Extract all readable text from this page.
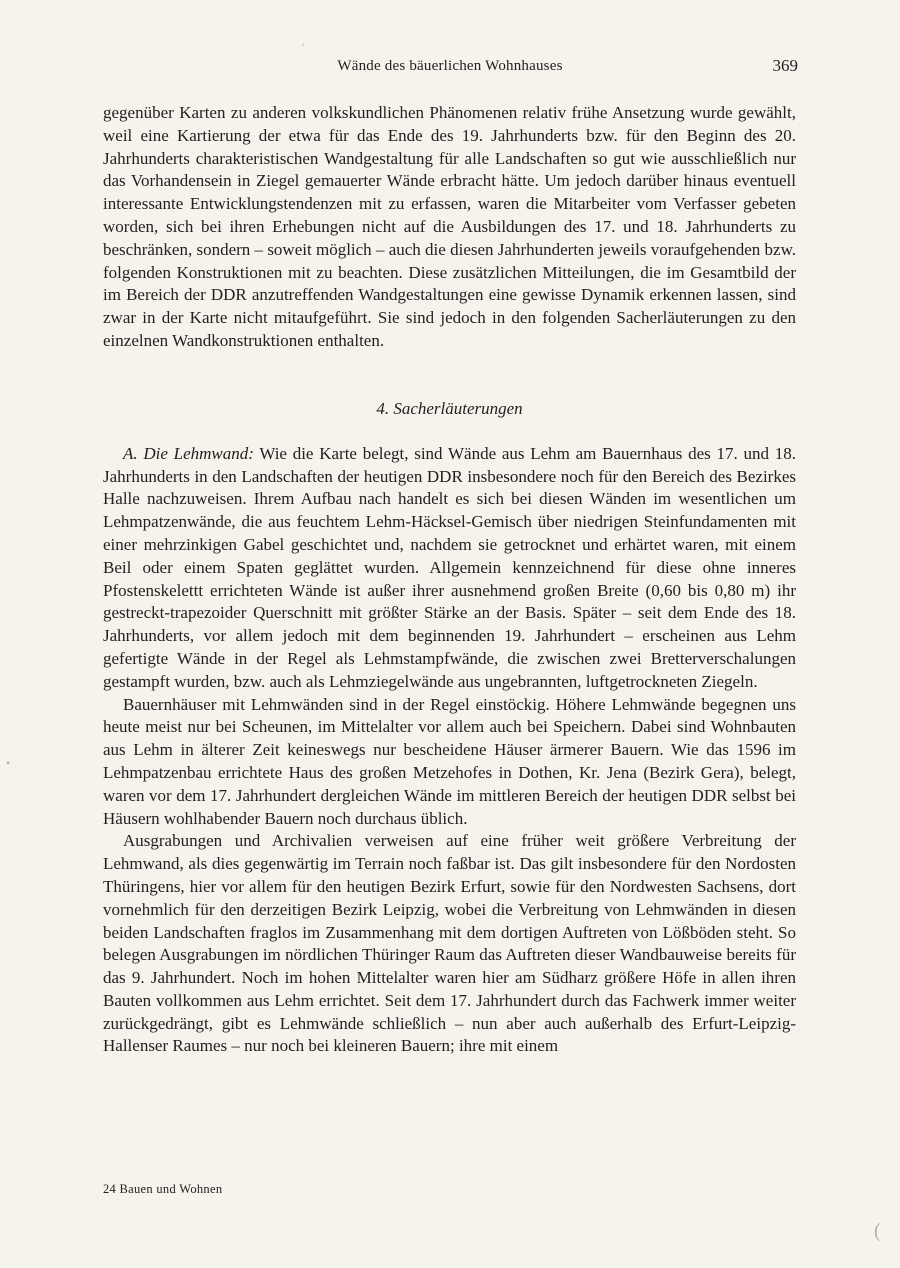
Wände des bäuerlichen Wohnhauses	369

gegenüber Karten zu anderen volkskundlichen Phänomenen relativ frühe Ansetzung wurde gewählt, weil eine Kartierung der etwa für das Ende des 19. Jahrhunderts bzw. für den Beginn des 20. Jahrhunderts charakteristischen Wandgestaltung für alle Landschaften so gut wie ausschließlich nur das Vorhandensein in Ziegel gemauerter Wände erbracht hätte. Um jedoch darüber hinaus eventuell interessante Entwicklungstendenzen mit zu erfassen, waren die Mitarbeiter vom Verfasser gebeten worden, sich bei ihren Erhebungen nicht auf die Ausbildungen des 17. und 18. Jahrhunderts zu beschränken, sondern – soweit möglich – auch die diesen Jahrhunderten jeweils voraufgehenden bzw. folgenden Konstruktionen mit zu beachten. Diese zusätzlichen Mitteilungen, die im Gesamtbild der im Bereich der DDR anzutreffenden Wandgestaltungen eine gewisse Dynamik erkennen lassen, sind zwar in der Karte nicht mitaufgeführt. Sie sind jedoch in den folgenden Sacherläuterungen zu den einzelnen Wandkonstruktionen enthalten.

4. Sacherläuterungen

A. Die Lehmwand: Wie die Karte belegt, sind Wände aus Lehm am Bauernhaus des 17. und 18. Jahrhunderts in den Landschaften der heutigen DDR insbesondere noch für den Bereich des Bezirkes Halle nachzuweisen. Ihrem Aufbau nach handelt es sich bei diesen Wänden im wesentlichen um Lehmpatzenwände, die aus feuchtem Lehm-Häcksel-Gemisch über niedrigen Steinfundamenten mit einer mehrzinkigen Gabel geschichtet und, nachdem sie getrocknet und erhärtet waren, mit einem Beil oder einem Spaten geglättet wurden. Allgemein kennzeichnend für diese ohne inneres Pfostenskelettt errichteten Wände ist außer ihrer ausnehmend großen Breite (0,60 bis 0,80 m) ihr gestreckt-trapezoider Querschnitt mit größter Stärke an der Basis. Später – seit dem Ende des 18. Jahrhunderts, vor allem jedoch mit dem beginnenden 19. Jahrhundert – erscheinen aus Lehm gefertigte Wände in der Regel als Lehmstampfwände, die zwischen zwei Bretterverschalungen gestampft wurden, bzw. auch als Lehmziegelwände aus ungebrannten, luftgetrockneten Ziegeln.

Bauernhäuser mit Lehmwänden sind in der Regel einstöckig. Höhere Lehmwände begegnen uns heute meist nur bei Scheunen, im Mittelalter vor allem auch bei Speichern. Dabei sind Wohnbauten aus Lehm in älterer Zeit keineswegs nur bescheidene Häuser ärmerer Bauern. Wie das 1596 im Lehmpatzenbau errichtete Haus des großen Metzehofes in Dothen, Kr. Jena (Bezirk Gera), belegt, waren vor dem 17. Jahrhundert dergleichen Wände im mittleren Bereich der heutigen DDR selbst bei Häusern wohlhabender Bauern noch durchaus üblich.

Ausgrabungen und Archivalien verweisen auf eine früher weit größere Verbreitung der Lehmwand, als dies gegenwärtig im Terrain noch faßbar ist. Das gilt insbesondere für den Nordosten Thüringens, hier vor allem für den heutigen Bezirk Erfurt, sowie für den Nordwesten Sachsens, dort vornehmlich für den derzeitigen Bezirk Leipzig, wobei die Verbreitung von Lehmwänden in diesen beiden Landschaften fraglos im Zusammenhang mit dem dortigen Auftreten von Lößböden steht. So belegen Ausgrabungen im nördlichen Thüringer Raum das Auftreten dieser Wandbauweise bereits für das 9. Jahrhundert. Noch im hohen Mittelalter waren hier am Südharz größere Höfe in allen ihren Bauten vollkommen aus Lehm errichtet. Seit dem 17. Jahrhundert durch das Fachwerk immer weiter zurückgedrängt, gibt es Lehmwände schließlich – nun aber auch außerhalb des Erfurt-Leipzig-Hallenser Raumes – nur noch bei kleineren Bauern; ihre mit einem

24 Bauen und Wohnen
'
•
(
